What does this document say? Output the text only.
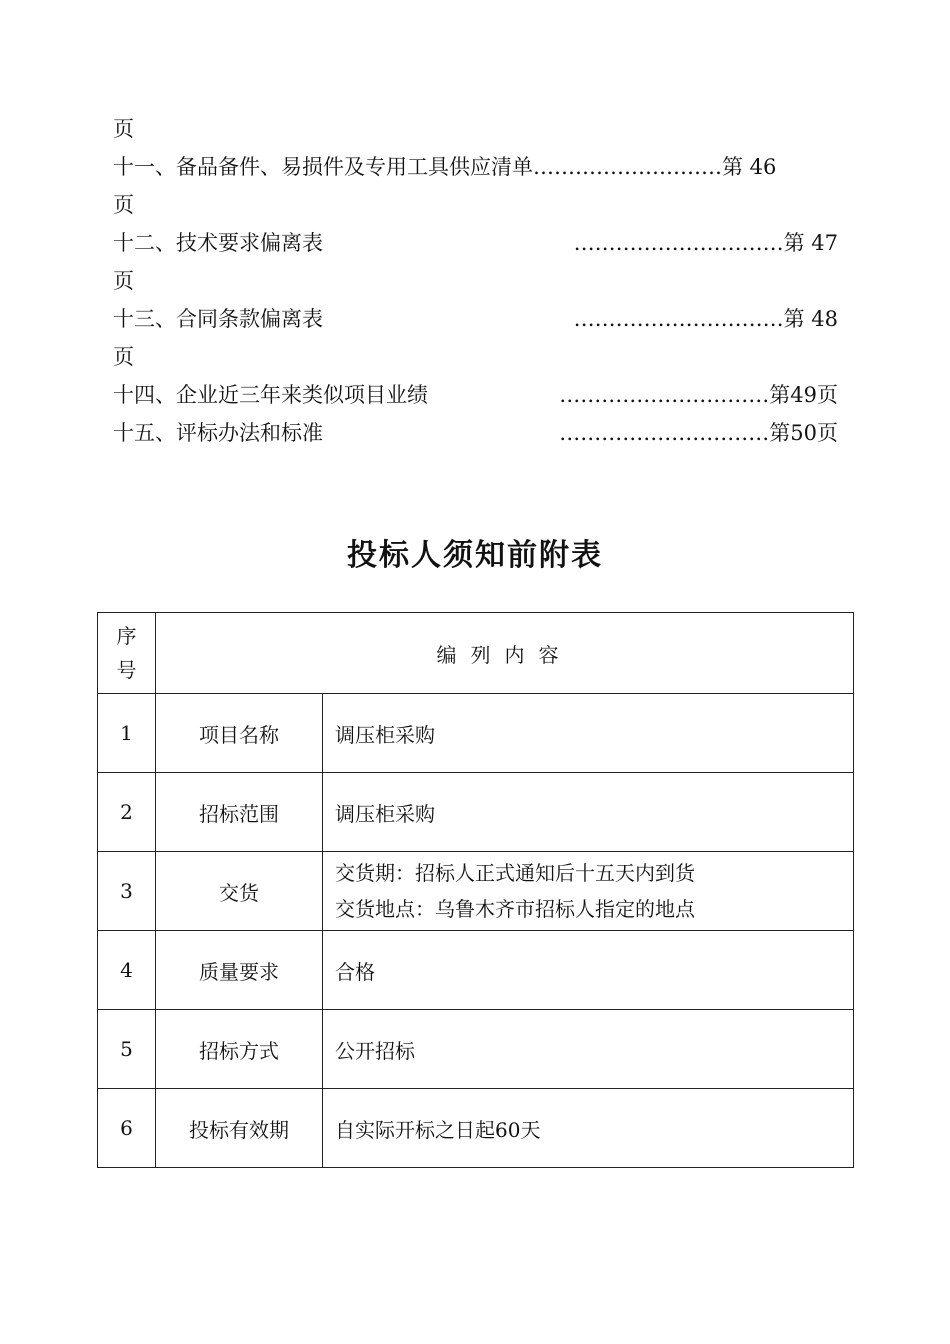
页
十一、备品备件、易损件及专用工具供应清单………………………第 46
页
十二、技术要求偏离表	…………………………第 47
页
十三、合同条款偏离表	…………………………第 48
页
十四、企业近三年来类似项目业绩	…………………………第49页
十五、评标办法和标准	…………………………第50页
投标人须知前附表
序
号	编列内容	
1	项目名称	调压柜采购
2	招标范围	调压柜采购
3	交货	交货期：招标人正式通知后十五天内到货
交货地点：乌鲁木齐市招标人指定的地点

4	质量要求	合格
5	招标方式	公开招标
6	投标有效期	自实际开标之日起60天
